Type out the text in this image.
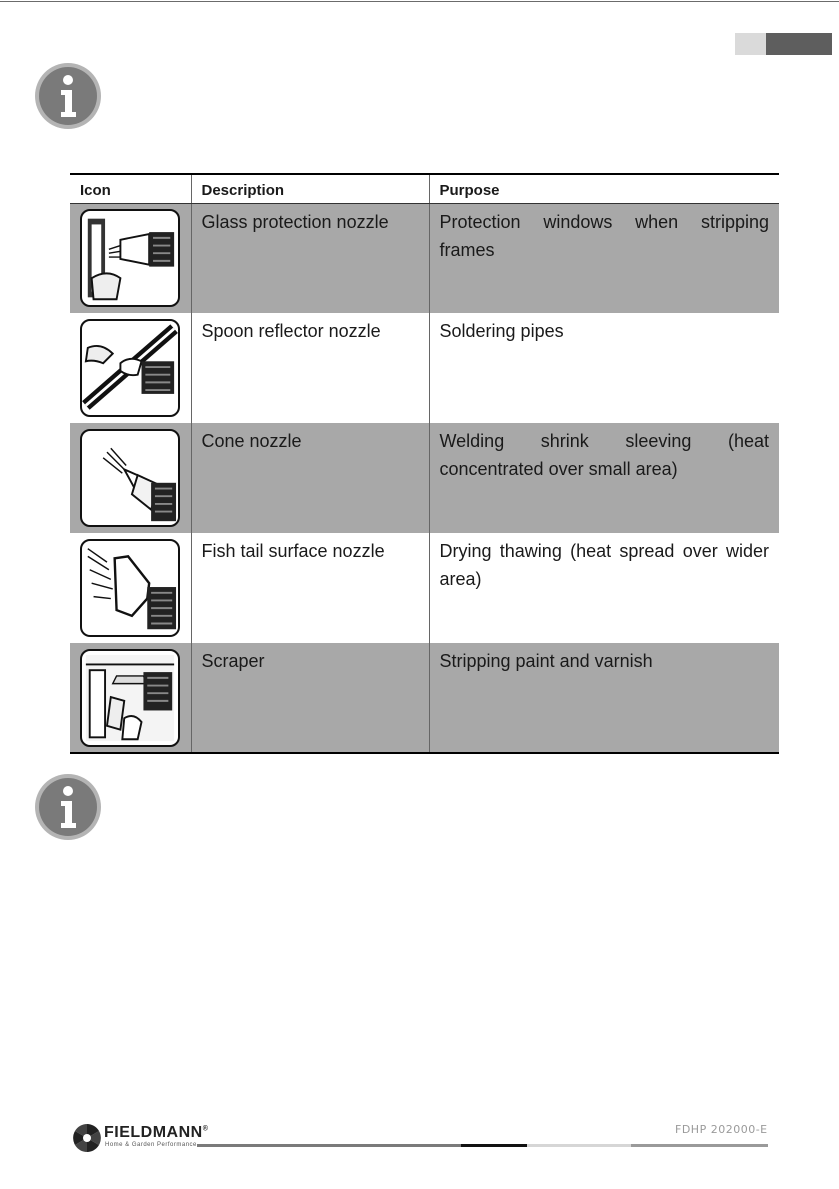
Icon	Description	Purpose

	Glass protection nozzle	Protection windows when stripping frames

	Spoon reflector nozzle	Soldering pipes

	Cone nozzle	Welding shrink sleeving (heat concentrated over small area)

	Fish tail surface nozzle	Drying thawing (heat spread over wider area)

	Scraper	Stripping paint and varnish
FIELDMANN®
Home & Garden Performance
FDHP 202000-E
